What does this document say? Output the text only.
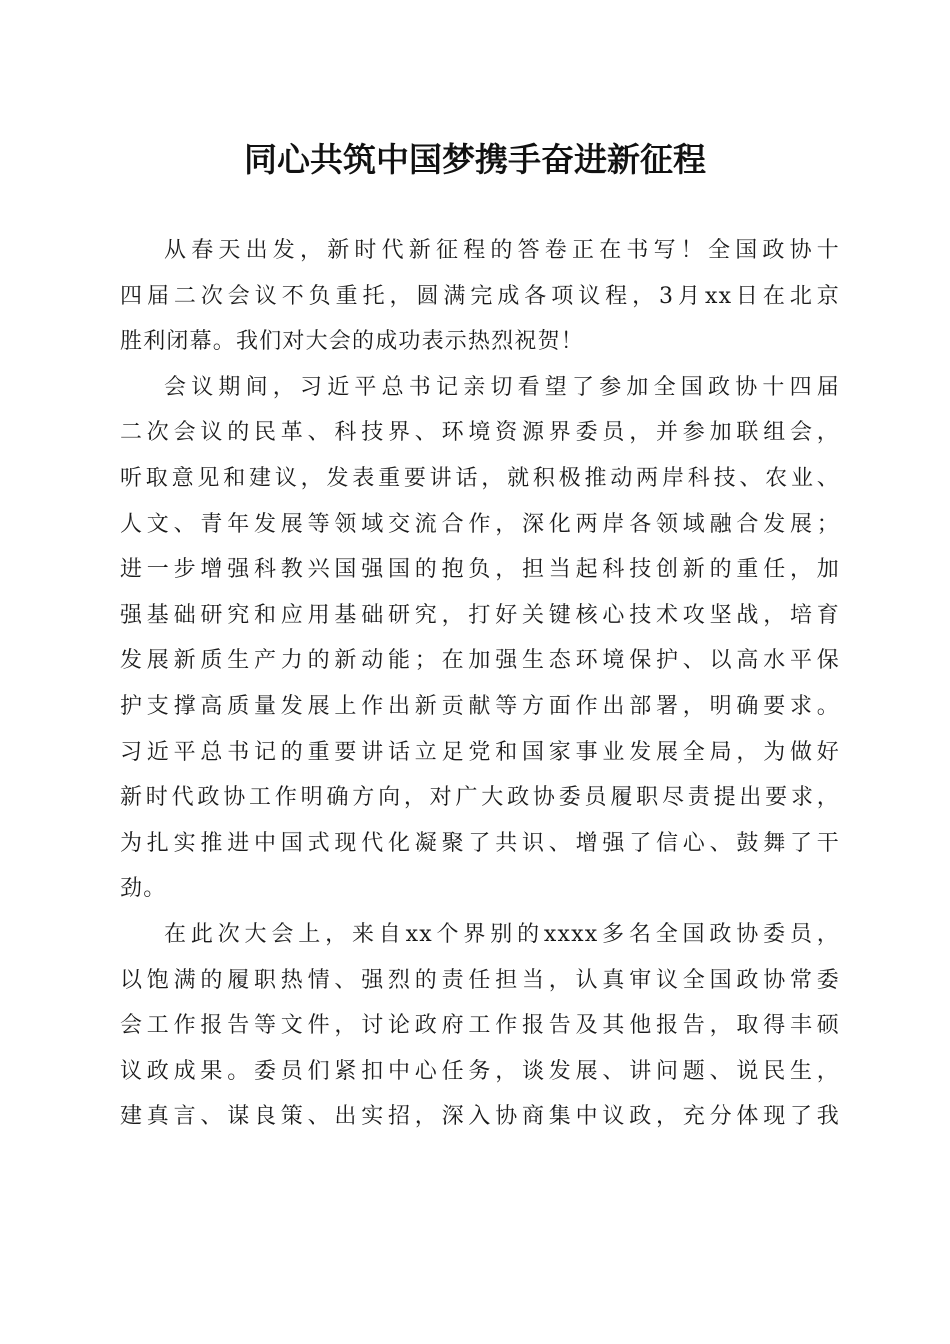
同心共筑中国梦携手奋进新征程
从春天出发，新时代新征程的答卷正在书写！全国政协十
四届二次会议不负重托，圆满完成各项议程，3月xx日在北京
胜利闭幕。我们对大会的成功表示热烈祝贺！
会议期间，习近平总书记亲切看望了参加全国政协十四届
二次会议的民革、科技界、环境资源界委员，并参加联组会，
听取意见和建议，发表重要讲话，就积极推动两岸科技、农业、
人文、青年发展等领域交流合作，深化两岸各领域融合发展；
进一步增强科教兴国强国的抱负，担当起科技创新的重任，加
强基础研究和应用基础研究，打好关键核心技术攻坚战，培育
发展新质生产力的新动能；在加强生态环境保护、以高水平保
护支撑高质量发展上作出新贡献等方面作出部署，明确要求。
习近平总书记的重要讲话立足党和国家事业发展全局，为做好
新时代政协工作明确方向，对广大政协委员履职尽责提出要求，
为扎实推进中国式现代化凝聚了共识、增强了信心、鼓舞了干
劲。
在此次大会上，来自xx个界别的xxxx多名全国政协委员，
以饱满的履职热情、强烈的责任担当，认真审议全国政协常委
会工作报告等文件，讨论政府工作报告及其他报告，取得丰硕
议政成果。委员们紧扣中心任务，谈发展、讲问题、说民生，
建真言、谋良策、出实招，深入协商集中议政，充分体现了我
